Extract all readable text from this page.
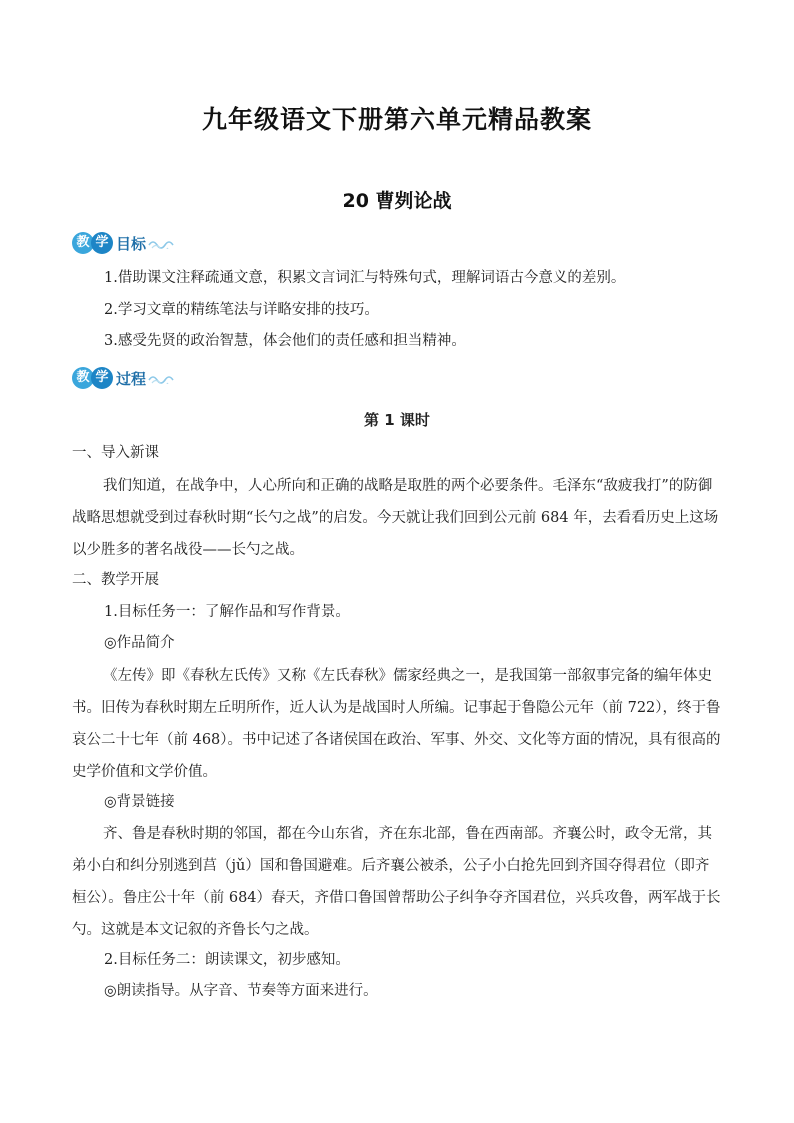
九年级语文下册第六单元精品教案
20 曹刿论战
教 学 目标
1.借助课文注释疏通文意，积累文言词汇与特殊句式，理解词语古今意义的差别。
2.学习文章的精练笔法与详略安排的技巧。
3.感受先贤的政治智慧，体会他们的责任感和担当精神。
教 学 过程
第 1 课时
一、导入新课
我们知道，在战争中，人心所向和正确的战略是取胜的两个必要条件。毛泽东“敌疲我打”的防御战略思想就受到过春秋时期“长勺之战”的启发。今天就让我们回到公元前 684 年，去看看历史上这场以少胜多的著名战役——长勺之战。
二、教学开展
1.目标任务一：了解作品和写作背景。
◎作品简介
《左传》即《春秋左氏传》又称《左氏春秋》儒家经典之一，是我国第一部叙事完备的编年体史书。旧传为春秋时期左丘明所作，近人认为是战国时人所编。记事起于鲁隐公元年（前 722），终于鲁哀公二十七年（前 468）。书中记述了各诸侯国在政治、军事、外交、文化等方面的情况，具有很高的史学价值和文学价值。
◎背景链接
齐、鲁是春秋时期的邻国，都在今山东省，齐在东北部，鲁在西南部。齐襄公时，政令无常，其弟小白和纠分别逃到莒（jǔ）国和鲁国避难。后齐襄公被杀，公子小白抢先回到齐国夺得君位（即齐桓公）。鲁庄公十年（前 684）春天，齐借口鲁国曾帮助公子纠争夺齐国君位，兴兵攻鲁，两军战于长勺。这就是本文记叙的齐鲁长勺之战。
2.目标任务二：朗读课文，初步感知。
◎朗读指导。从字音、节奏等方面来进行。
